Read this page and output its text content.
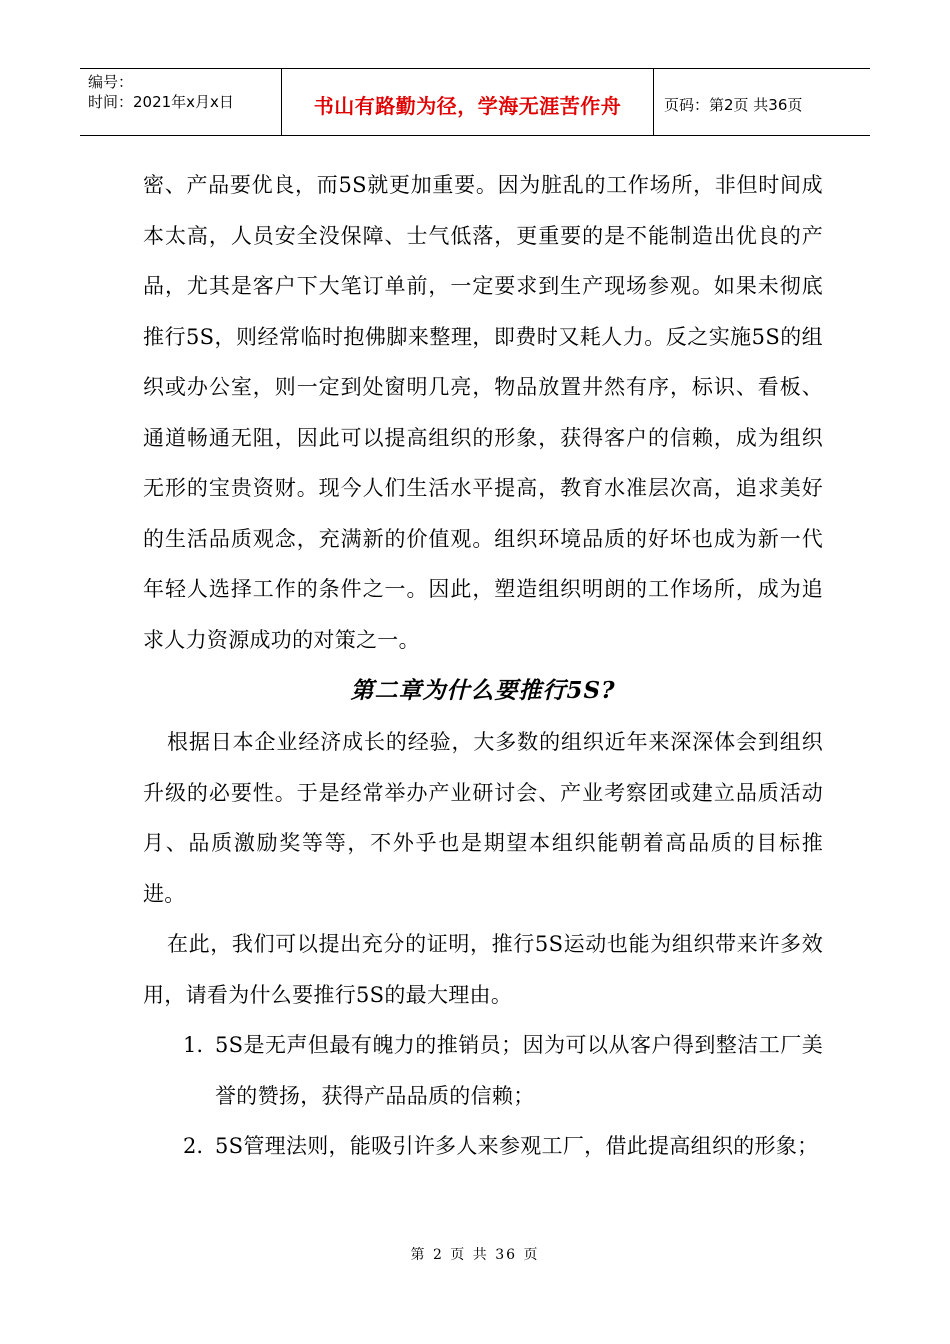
编号：
时间：2021年x月x日	书山有路勤为径，学海无涯苦作舟	页码：第2页 共36页

密、产品要优良，而5S就更加重要。因为脏乱的工作场所，非但时间成本太高，人员安全没保障、士气低落，更重要的是不能制造出优良的产品，尤其是客户下大笔订单前，一定要求到生产现场参观。如果未彻底推行5S，则经常临时抱佛脚来整理，即费时又耗人力。反之实施5S的组织或办公室，则一定到处窗明几亮，物品放置井然有序，标识、看板、通道畅通无阻，因此可以提高组织的形象，获得客户的信赖，成为组织无形的宝贵资财。现今人们生活水平提高，教育水准层次高，追求美好的生活品质观念，充满新的价值观。组织环境品质的好坏也成为新一代年轻人选择工作的条件之一。因此，塑造组织明朗的工作场所，成为追求人力资源成功的对策之一。

第二章为什么要推行5S?

根据日本企业经济成长的经验，大多数的组织近年来深深体会到组织升级的必要性。于是经常举办产业研讨会、产业考察团或建立品质活动月、品质激励奖等等，不外乎也是期望本组织能朝着高品质的目标推进。

在此，我们可以提出充分的证明，推行5S运动也能为组织带来许多效用，请看为什么要推行5S的最大理由。

1. 5S是无声但最有魄力的推销员；因为可以从客户得到整洁工厂美誉的赞扬，获得产品品质的信赖；
2. 5S管理法则，能吸引许多人来参观工厂，借此提高组织的形象；
第 2 页 共 36 页
